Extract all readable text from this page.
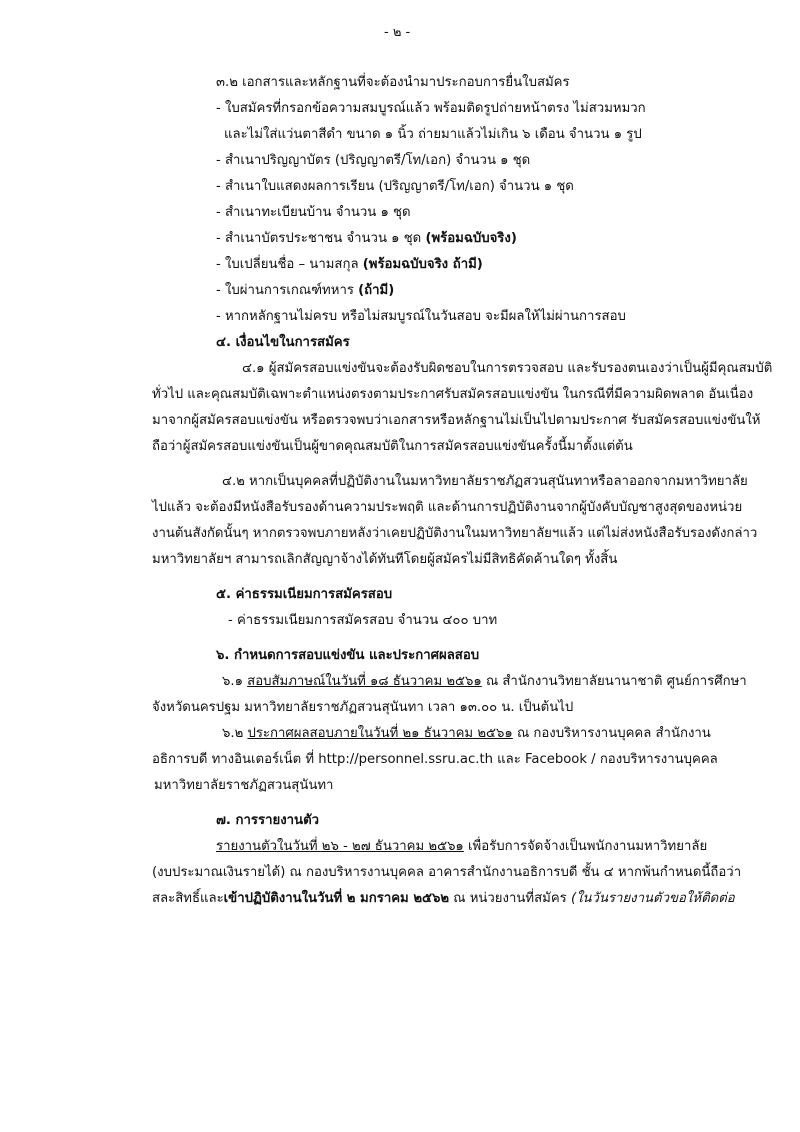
- ๒ -
๓.๒ เอกสารและหลักฐานที่จะต้องนำมาประกอบการยื่นใบสมัคร
- ใบสมัครที่กรอกข้อความสมบูรณ์แล้ว พร้อมติดรูปถ่ายหน้าตรง ไม่สวมหมวก
และไม่ใส่แว่นตาสีดำ ขนาด ๑ นิ้ว ถ่ายมาแล้วไม่เกิน ๖ เดือน จำนวน ๑ รูป
- สำเนาปริญญาบัตร (ปริญญาตรี/โท/เอก) จำนวน ๑ ชุด
- สำเนาใบแสดงผลการเรียน (ปริญญาตรี/โท/เอก) จำนวน ๑ ชุด
- สำเนาทะเบียนบ้าน จำนวน ๑ ชุด
- สำเนาบัตรประชาชน จำนวน ๑ ชุด (พร้อมฉบับจริง)
- ใบเปลี่ยนชื่อ – นามสกุล (พร้อมฉบับจริง ถ้ามี)
- ใบผ่านการเกณฑ์ทหาร (ถ้ามี)
- หากหลักฐานไม่ครบ หรือไม่สมบูรณ์ในวันสอบ จะมีผลให้ไม่ผ่านการสอบ
๔. เงื่อนไขในการสมัคร
๔.๑ ผู้สมัครสอบแข่งขันจะต้องรับผิดชอบในการตรวจสอบ และรับรองตนเองว่าเป็นผู้มีคุณสมบัติ
ทั่วไป และคุณสมบัติเฉพาะตำแหน่งตรงตามประกาศรับสมัครสอบแข่งขัน ในกรณีที่มีความผิดพลาด อันเนื่อง
มาจากผู้สมัครสอบแข่งขัน หรือตรวจพบว่าเอกสารหรือหลักฐานไม่เป็นไปตามประกาศ รับสมัครสอบแข่งขันให้
ถือว่าผู้สมัครสอบแข่งขันเป็นผู้ขาดคุณสมบัติในการสมัครสอบแข่งขันครั้งนี้มาตั้งแต่ต้น
๔.๒ หากเป็นบุคคลที่ปฏิบัติงานในมหาวิทยาลัยราชภัฏสวนสุนันทาหรือลาออกจากมหาวิทยาลัย
ไปแล้ว จะต้องมีหนังสือรับรองด้านความประพฤติ และด้านการปฏิบัติงานจากผู้บังคับบัญชาสูงสุดของหน่วย
งานต้นสังกัดนั้นๆ หากตรวจพบภายหลังว่าเคยปฏิบัติงานในมหาวิทยาลัยฯแล้ว แต่ไม่ส่งหนังสือรับรองดังกล่าว
มหาวิทยาลัยฯ สามารถเลิกสัญญาจ้างได้ทันทีโดยผู้สมัครไม่มีสิทธิคัดค้านใดๆ ทั้งสิ้น
๕. ค่าธรรมเนียมการสมัครสอบ
- ค่าธรรมเนียมการสมัครสอบ จำนวน ๔๐๐ บาท
๖. กำหนดการสอบแข่งขัน และประกาศผลสอบ
๖.๑ สอบสัมภาษณ์ในวันที่ ๑๘ ธันวาคม ๒๕๖๑ ณ สำนักงานวิทยาลัยนานาชาติ ศูนย์การศึกษา
จังหวัดนครปฐม มหาวิทยาลัยราชภัฏสวนสุนันทา เวลา ๑๓.๐๐ น. เป็นต้นไป
๖.๒ ประกาศผลสอบภายในวันที่ ๒๑ ธันวาคม ๒๕๖๑ ณ กองบริหารงานบุคคล สำนักงาน
อธิการบดี ทางอินเตอร์เน็ต ที่ http://personnel.ssru.ac.th และ Facebook / กองบริหารงานบุคคล
มหาวิทยาลัยราชภัฏสวนสุนันทา
๗. การรายงานตัว
รายงานตัวในวันที่ ๒๖ - ๒๗ ธันวาคม ๒๕๖๑ เพื่อรับการจัดจ้างเป็นพนักงานมหาวิทยาลัย
(งบประมาณเงินรายได้) ณ กองบริหารงานบุคคล อาคารสำนักงานอธิการบดี ชั้น ๔ หากพ้นกำหนดนี้ถือว่า
สละสิทธิ์และเข้าปฏิบัติงานในวันที่ ๒ มกราคม ๒๕๖๒ ณ หน่วยงานที่สมัคร (ในวันรายงานตัวขอให้ติดต่อ
